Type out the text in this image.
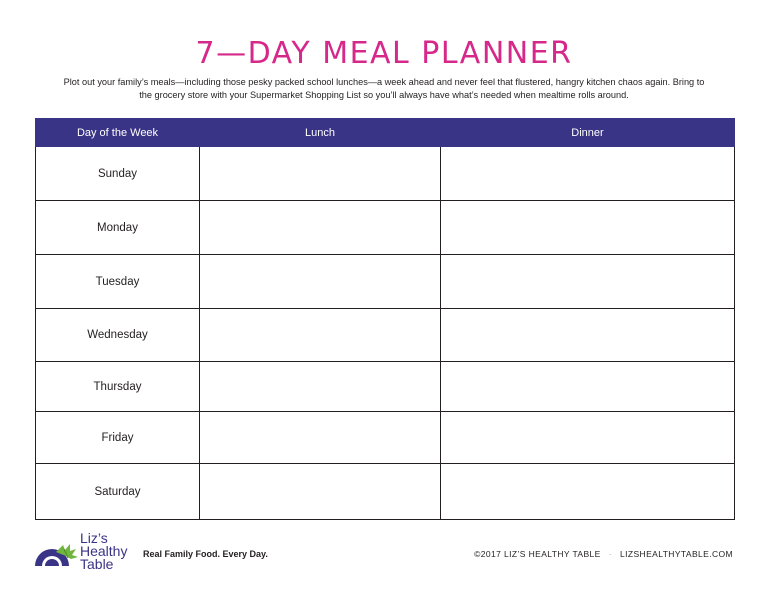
7—DAY MEAL PLANNER
Plot out your family’s meals—including those pesky packed school lunches—a week ahead and never feel that flustered, hangry kitchen chaos again. Bring to the grocery store with your Supermarket Shopping List so you’ll always have what’s needed when mealtime rolls around.
Day of the Week	Lunch	Dinner
Sunday		
Monday		
Tuesday		
Wednesday		
Thursday		
Friday		
Saturday		
Liz’s
Healthy
Table
Real Family Food. Every Day.	©2017 LIZ’S HEALTHY TABLE · LIZSHEALTHYTABLE.COM
